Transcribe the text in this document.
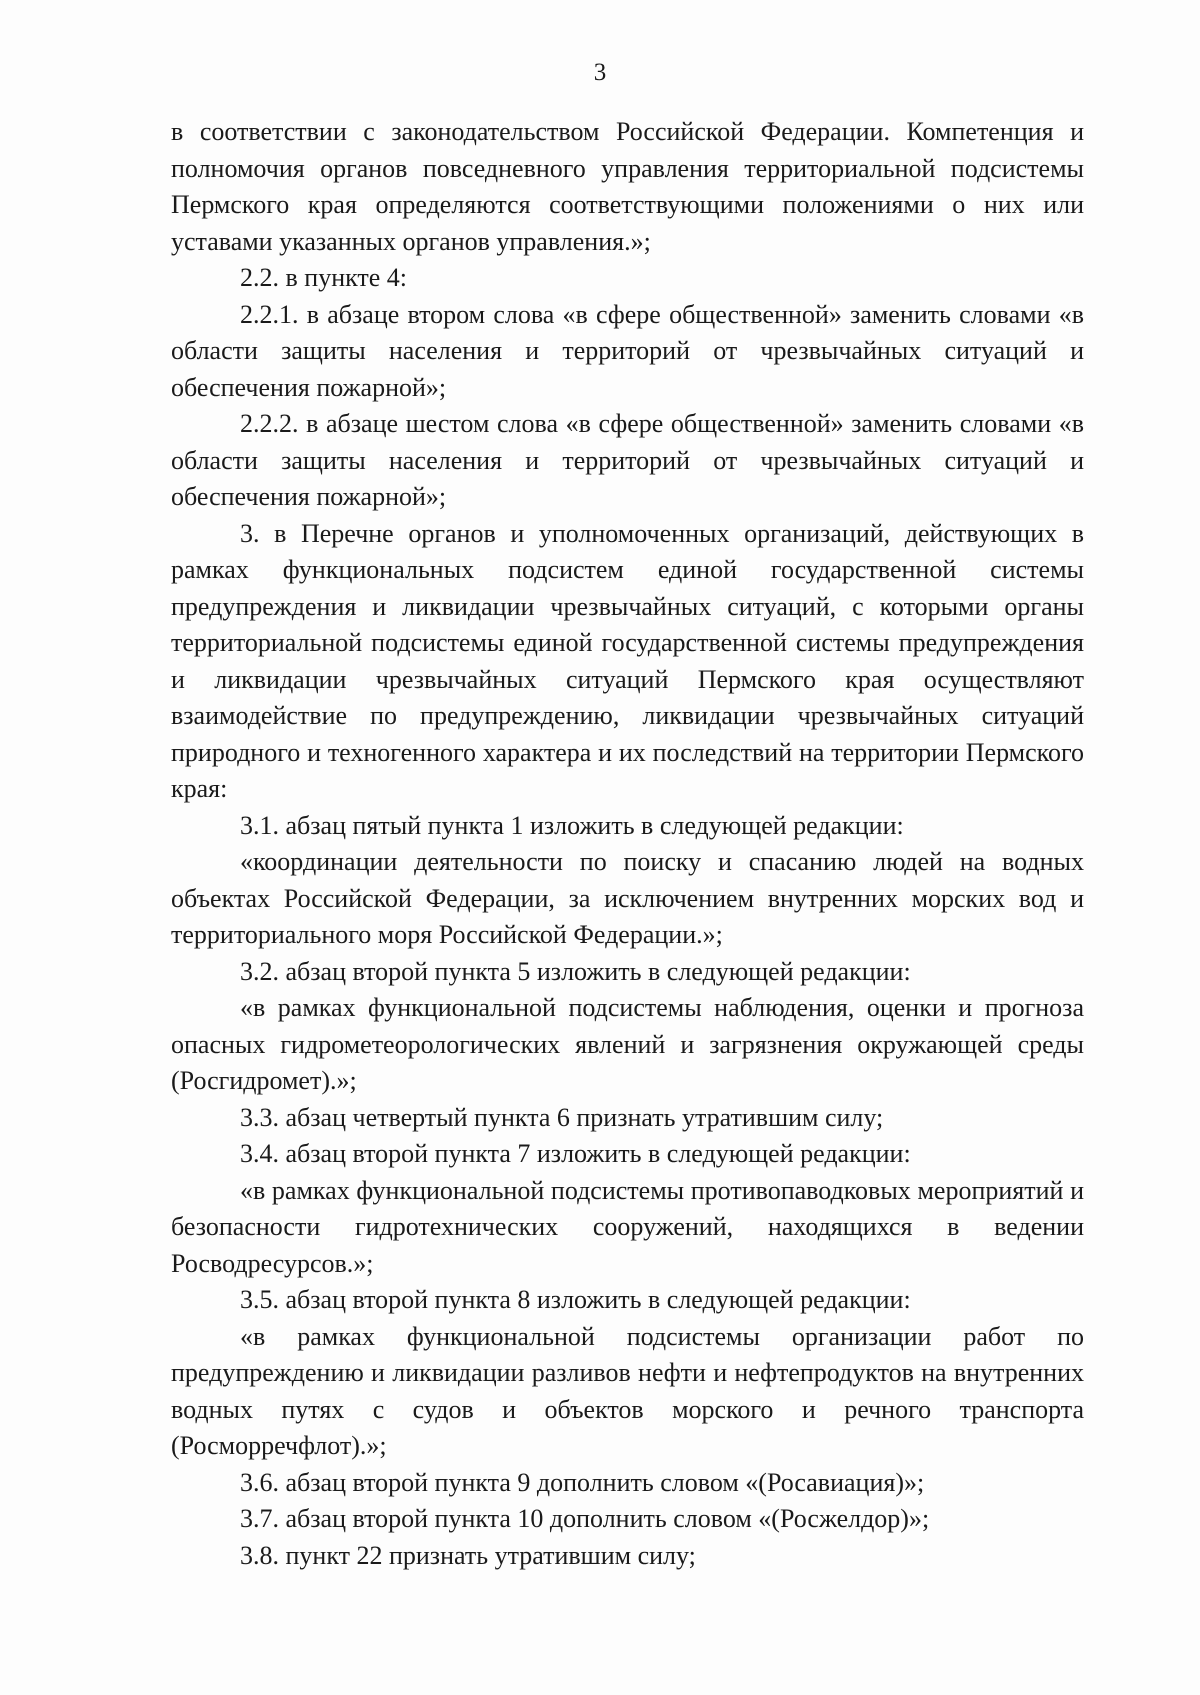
3

в соответствии с законодательством Российской Федерации. Компетенция и полномочия органов повседневного управления территориальной подсистемы Пермского края определяются соответствующими положениями о них или уставами указанных органов управления.»;

2.2. в пункте 4:

2.2.1. в абзаце втором слова «в сфере общественной» заменить словами «в области защиты населения и территорий от чрезвычайных ситуаций и обеспечения пожарной»;

2.2.2. в абзаце шестом слова «в сфере общественной» заменить словами «в области защиты населения и территорий от чрезвычайных ситуаций и обеспечения пожарной»;

3. в Перечне органов и уполномоченных организаций, действующих в рамках функциональных подсистем единой государственной системы предупреждения и ликвидации чрезвычайных ситуаций, с которыми органы территориальной подсистемы единой государственной системы предупреждения и ликвидации чрезвычайных ситуаций Пермского края осуществляют взаимодействие по предупреждению, ликвидации чрезвычайных ситуаций природного и техногенного характера и их последствий на территории Пермского края:

3.1. абзац пятый пункта 1 изложить в следующей редакции:

«координации деятельности по поиску и спасанию людей на водных объектах Российской Федерации, за исключением внутренних морских вод и территориального моря Российской Федерации.»;

3.2. абзац второй пункта 5 изложить в следующей редакции:

«в рамках функциональной подсистемы наблюдения, оценки и прогноза опасных гидрометеорологических явлений и загрязнения окружающей среды (Росгидромет).»;

3.3. абзац четвертый пункта 6 признать утратившим силу;

3.4. абзац второй пункта 7 изложить в следующей редакции:

«в рамках функциональной подсистемы противопаводковых мероприятий и безопасности гидротехнических сооружений, находящихся в ведении Росводресурсов.»;

3.5. абзац второй пункта 8 изложить в следующей редакции:

«в рамках функциональной подсистемы организации работ по предупреждению и ликвидации разливов нефти и нефтепродуктов на внутренних водных путях с судов и объектов морского и речного транспорта (Росморречфлот).»;

3.6. абзац второй пункта 9 дополнить словом «(Росавиация)»;

3.7. абзац второй пункта 10 дополнить словом «(Росжелдор)»;

3.8. пункт 22 признать утратившим силу;
